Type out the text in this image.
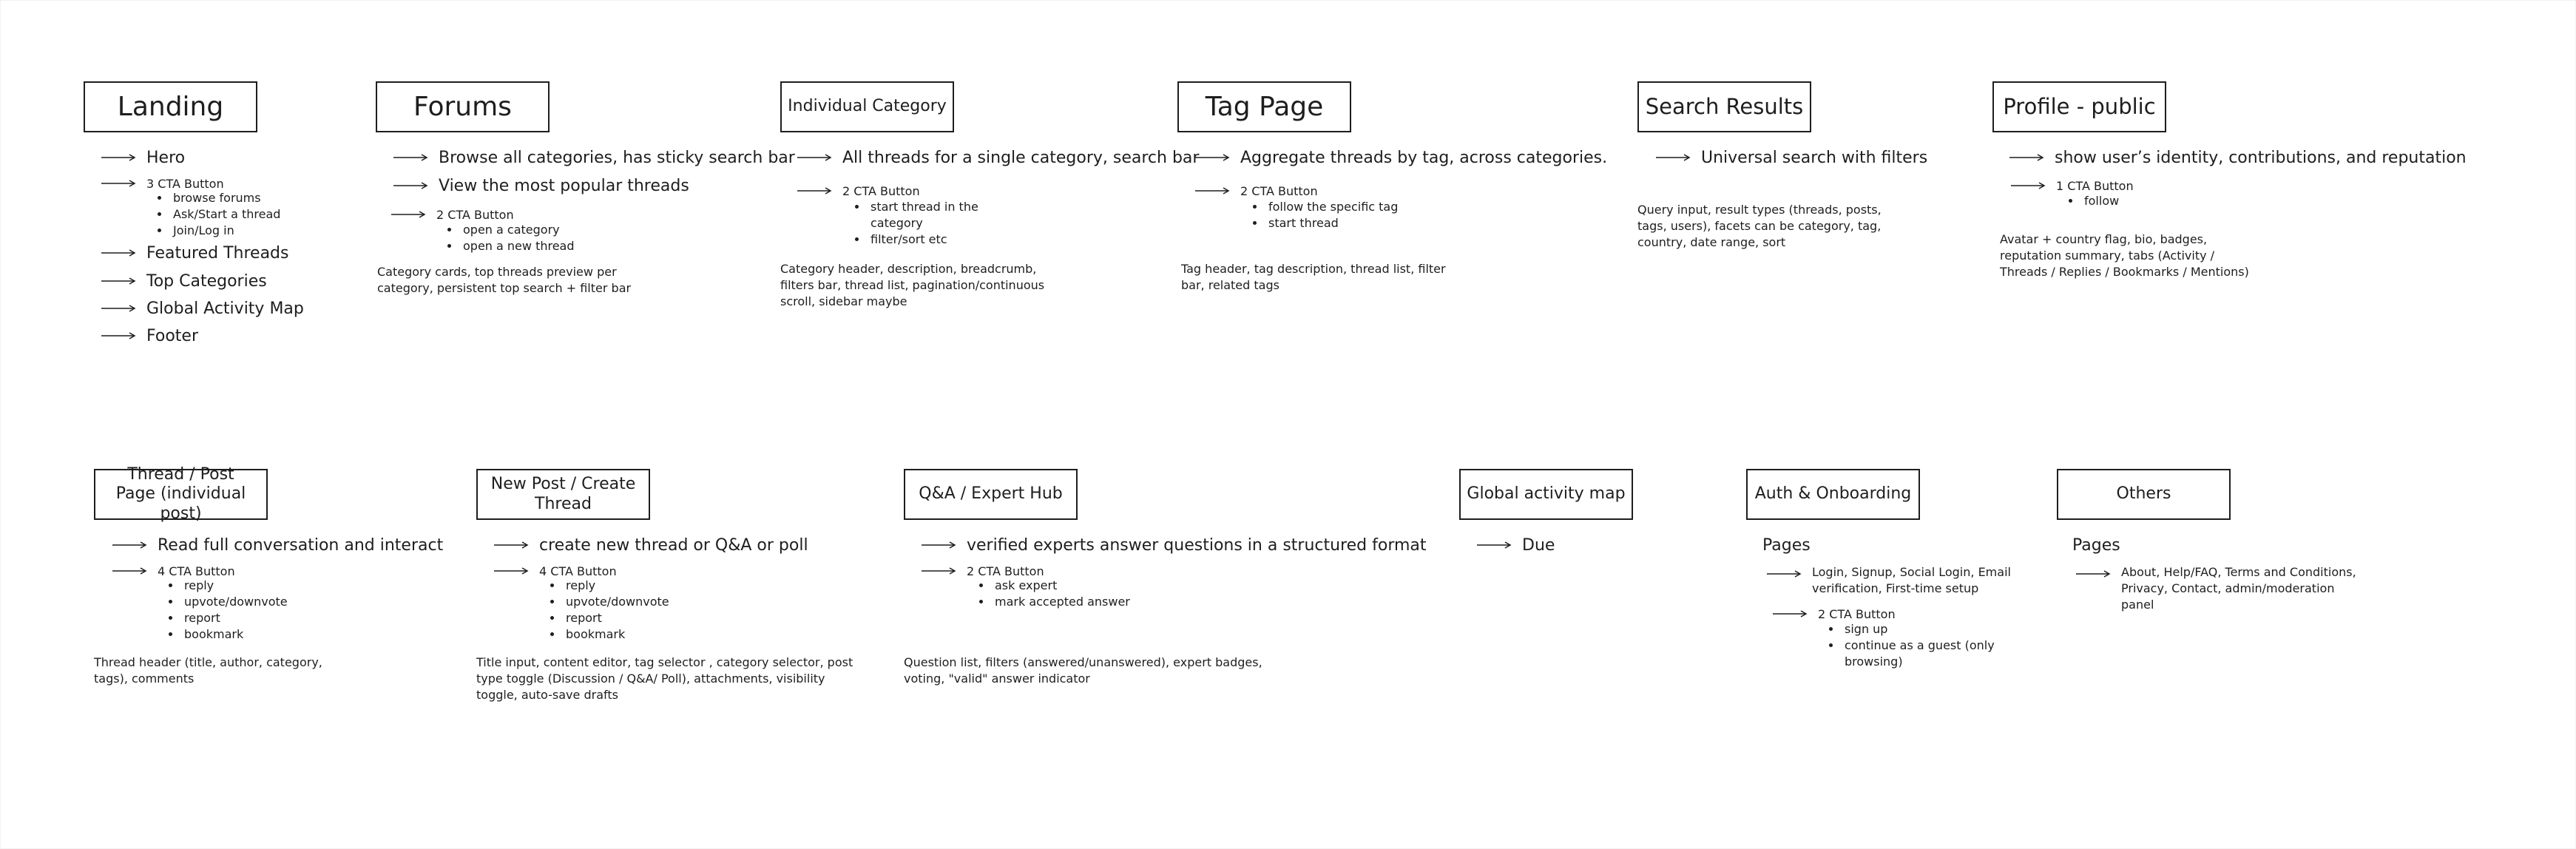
Landing
Hero
3 CTA Button
• browse forums
• Ask/Start a thread
• Join/Log in
Featured Threads
Top Categories
Global Activity Map
Footer
Forums
Browse all categories, has sticky search bar
View the most popular threads
2 CTA Button
• open a category
• open a new thread
Category cards, top threads preview per category, persistent top search + filter bar
Individual Category
All threads for a single category, search bar
2 CTA Button
• start thread in the category
• filter/sort etc
Category header, description, breadcrumb, filters bar, thread list, pagination/continuous scroll, sidebar maybe
Tag Page
Aggregate threads by tag, across categories.
2 CTA Button
• follow the specific tag
• start thread
Tag header, tag description, thread list, filter bar, related tags
Search Results
Universal search with filters
Query input, result types (threads, posts, tags, users), facets can be category, tag, country, date range, sort
Profile - public
show user’s identity, contributions, and reputation
1 CTA Button
• follow
Avatar + country flag, bio, badges, reputation summary, tabs (Activity / Threads / Replies / Bookmarks / Mentions)
Thread / Post Page (individual post)
Read full conversation and interact
4 CTA Button
• reply
• upvote/downvote
• report
• bookmark
Thread header (title, author, category, tags), comments
New Post / Create Thread
create new thread or Q&A or poll
4 CTA Button
• reply
• upvote/downvote
• report
• bookmark
Title input, content editor, tag selector , category selector, post type toggle (Discussion / Q&A/ Poll), attachments, visibility toggle, auto-save drafts
Q&A / Expert Hub
verified experts answer questions in a structured format
2 CTA Button
• ask expert
• mark accepted answer
Question list, filters (answered/unanswered), expert badges, voting, "valid" answer indicator
Global activity map
Due
Auth & Onboarding
Pages
Login, Signup, Social Login, Email verification, First-time setup
2 CTA Button
• sign up
• continue as a guest (only browsing)
Others
Pages
About, Help/FAQ, Terms and Conditions, Privacy, Contact, admin/moderation panel
